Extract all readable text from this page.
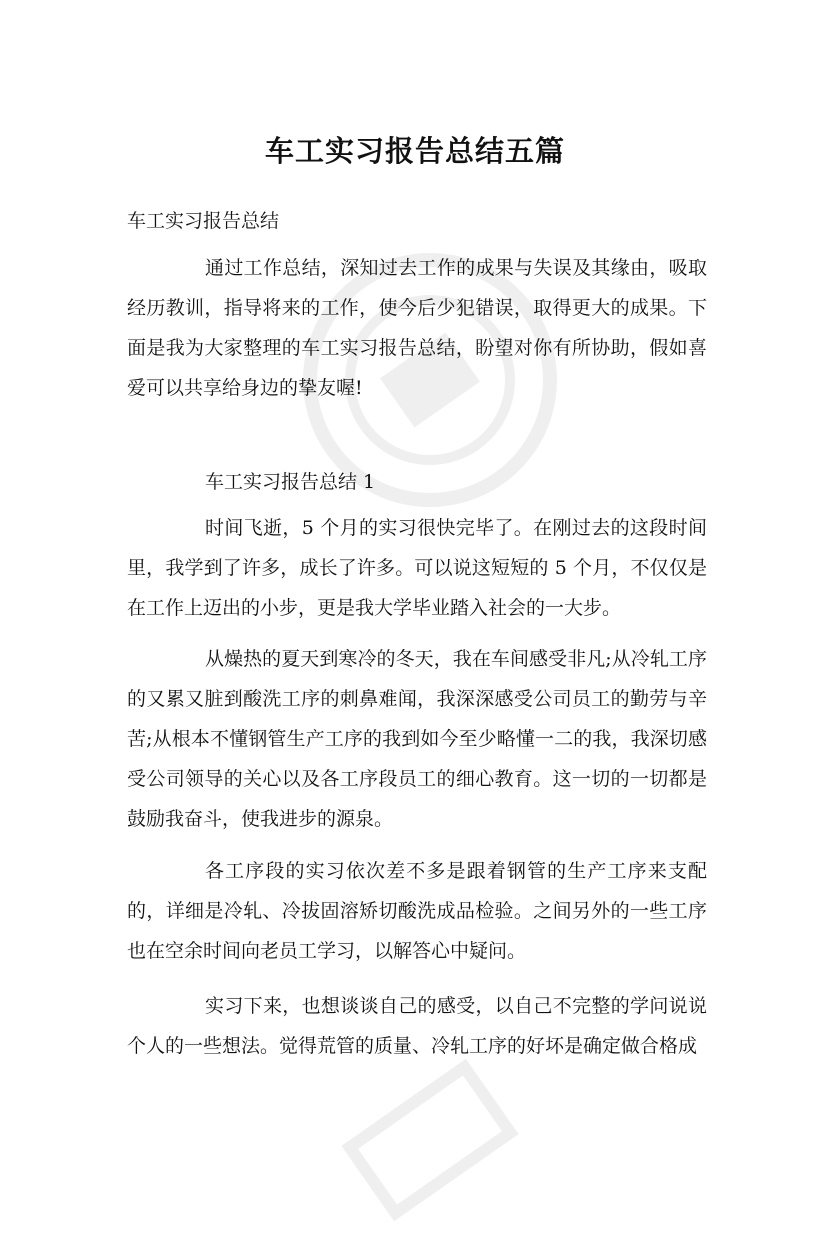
车工实习报告总结五篇
车工实习报告总结

通过工作总结，深知过去工作的成果与失误及其缘由，吸取经历教训，指导将来的工作，使今后少犯错误，取得更大的成果。下面是我为大家整理的车工实习报告总结，盼望对你有所协助，假如喜爱可以共享给身边的挚友喔!

车工实习报告总结 1

时间飞逝，5 个月的实习很快完毕了。在刚过去的这段时间里，我学到了许多，成长了许多。可以说这短短的 5 个月，不仅仅是在工作上迈出的小步，更是我大学毕业踏入社会的一大步。

从燥热的夏天到寒冷的冬天，我在车间感受非凡;从冷轧工序的又累又脏到酸洗工序的刺鼻难闻，我深深感受公司员工的勤劳与辛苦;从根本不懂钢管生产工序的我到如今至少略懂一二的我，我深切感受公司领导的关心以及各工序段员工的细心教育。这一切的一切都是鼓励我奋斗，使我进步的源泉。

各工序段的实习依次差不多是跟着钢管的生产工序来支配的，详细是冷轧、冷拔固溶矫切酸洗成品检验。之间另外的一些工序也在空余时间向老员工学习，以解答心中疑问。

实习下来，也想谈谈自己的感受，以自己不完整的学问说说个人的一些想法。觉得荒管的质量、冷轧工序的好坏是确定做合格成
